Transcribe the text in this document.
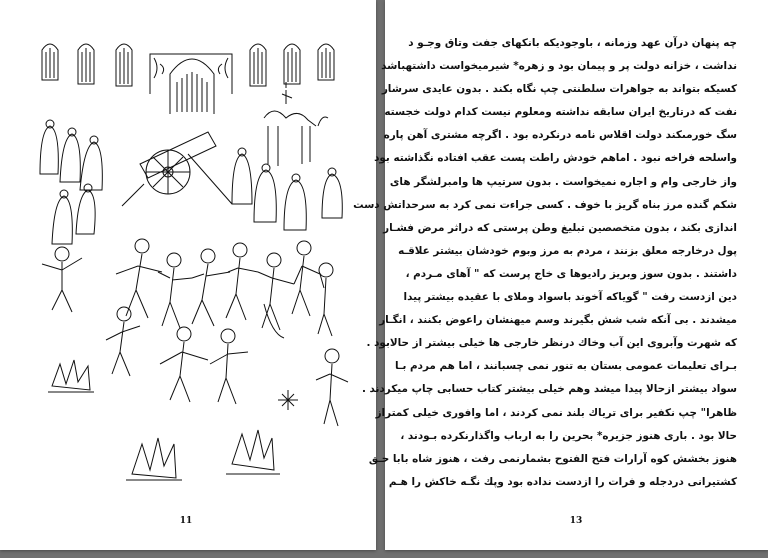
11
چه پنهان درآن عهد وزمانه ، باوجوديكه بانكهاى جفت وتاق وجـو د
نداشت ، خزانه دولت پر و پيمان بود و زهره* شيرميخواست داشتهباشد
كسيكه بتواند به جواهرات سلطنتى چپ نگاه بكند . بدون عايدى سرشار
نفت كه درتاريخ ايران سابقه نداشته ومعلوم نيست كدام دولت خجسته
سگ خورمىكند دولت اقلاس نامه درنكرده بود . اگرچه مشترى آهن پاره
واسلحه فراخه نبود . اماهم خودش راطت پست عقب افتاده نگذاشته بود
واز خارجى وام و اجاره نميخواست . بدون سرتيپ ها وامبرلشگر هاى
شكم گنده مرز بناه گريز با خوف . كسى جراءت نمى كرد به سرحداتش دست
اندازى بكند ، بدون متخصصين تبليغ وطن پرستى كه دراثر مرض فشـار
پول درخارجه معلق بزنند ، مردم به مرز وبوم خودشان بيشتر علاقـه
داشتند . بدون سوز وبريز راديوها ى خاج پرست كه " آهاى مـردم ،
دين ازدست رفت " گوياكه آخوند باسواد وملاى با عقيده بيشتر پيدا
ميشدند . بى آنكه شب شش بگيرند وسم ميهنشان راعوض بكنند ، انگـار
كه شهرت وآبروى اين آب وخاك درنظر خارجى ها خيلى بيشتر از حالابود .
بـراى تعليمات عمومى بستان به تنور نمى چسبانند ، اما هم مردم بـا
سواد بيشتر ازحالا پيدا ميشد وهم خيلى بيشتر كتاب حسابى چاپ ميكردند .
ظاهرا" چپ نكفير براى ترياك بلند نمى كردند ، اما وافورى خيلى كمتراز
حالا بود . بارى هنوز جزيره* بحرين را به ارباب واگذارنكرده بـودند ،
هنوز بخشش كوه آرارات فتح الفتوح بشمارنمى رفت ، هنوز شاه بابا حـق
كشتيرانى دردجله و فرات را ازدست نداده بود وپك نگـه خاكش را هـم
13
